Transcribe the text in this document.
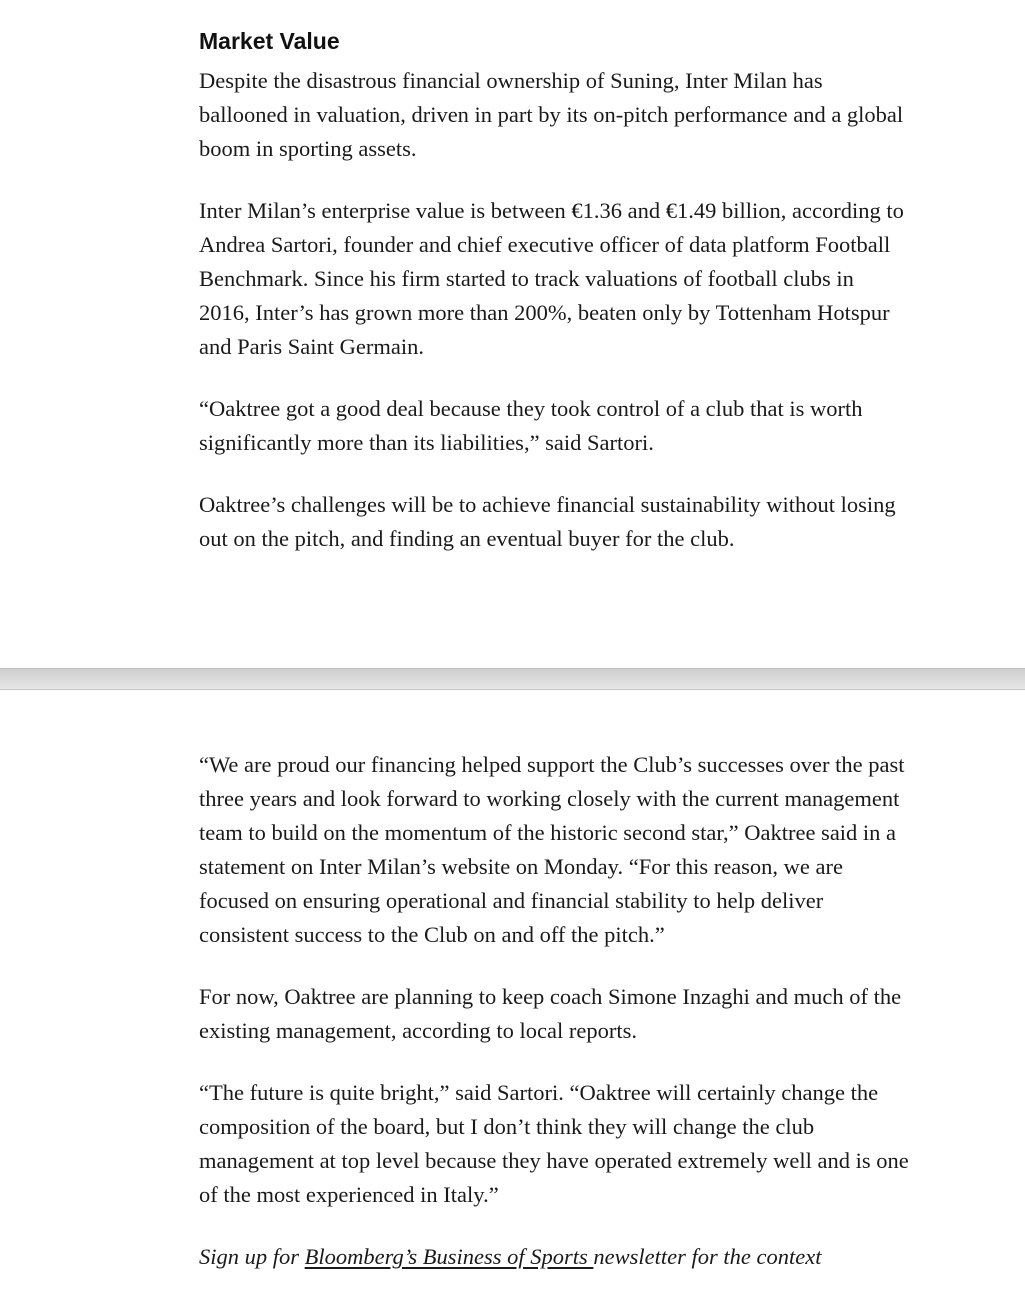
Market Value

Despite the disastrous financial ownership of Suning, Inter Milan has ballooned in valuation, driven in part by its on-pitch performance and a global boom in sporting assets.

Inter Milan’s enterprise value is between €1.36 and €1.49 billion, according to Andrea Sartori, founder and chief executive officer of data platform Football Benchmark. Since his firm started to track valuations of football clubs in 2016, Inter’s has grown more than 200%, beaten only by Tottenham Hotspur and Paris Saint Germain.

“Oaktree got a good deal because they took control of a club that is worth significantly more than its liabilities,” said Sartori.

Oaktree’s challenges will be to achieve financial sustainability without losing out on the pitch, and finding an eventual buyer for the club.

“We are proud our financing helped support the Club’s successes over the past three years and look forward to working closely with the current management team to build on the momentum of the historic second star,” Oaktree said in a statement on Inter Milan’s website on Monday. “For this reason, we are focused on ensuring operational and financial stability to help deliver consistent success to the Club on and off the pitch.”

For now, Oaktree are planning to keep coach Simone Inzaghi and much of the existing management, according to local reports.

“The future is quite bright,” said Sartori. “Oaktree will certainly change the composition of the board, but I don’t think they will change the club management at top level because they have operated extremely well and is one of the most experienced in Italy.”

Sign up for Bloomberg’s Business of Sports newsletter for the context
